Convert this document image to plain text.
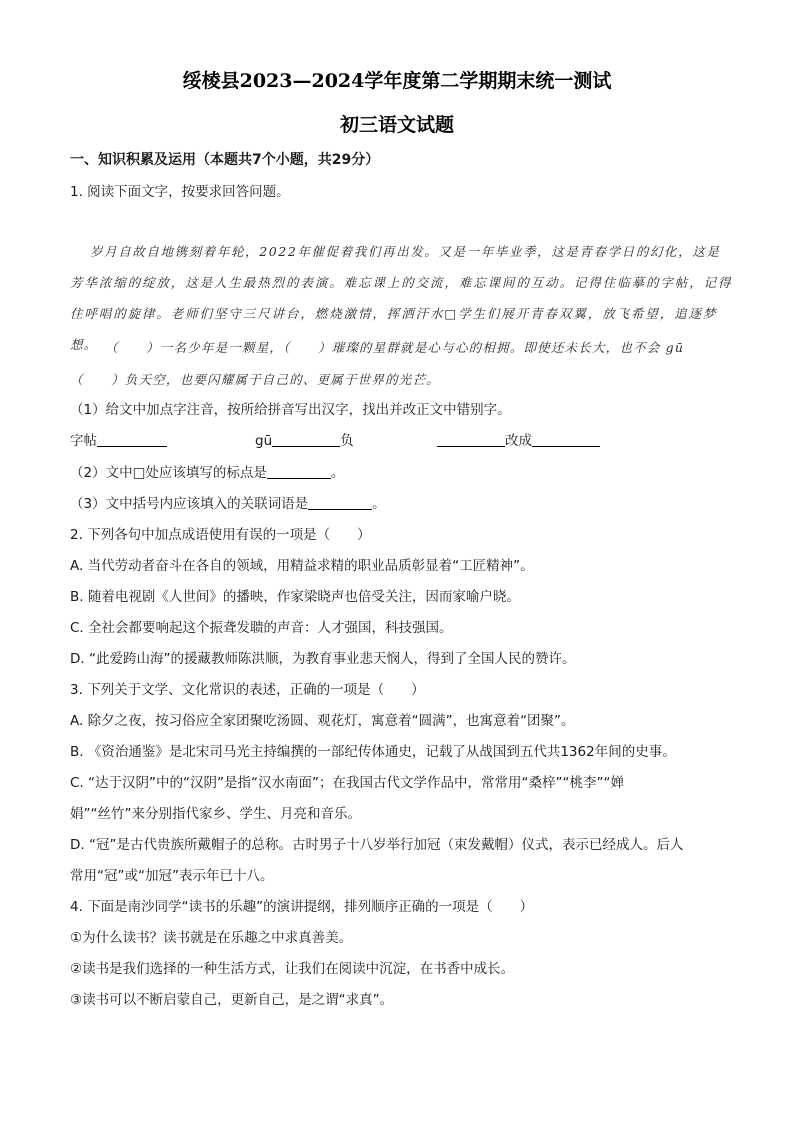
绥棱县2023—2024学年度第二学期期末统一测试
初三语文试题
一、知识积累及运用（本题共7个小题，共29分）
1. 阅读下面文字，按要求回答问题。
岁月自故自地镌刻着年轮，2022年催促着我们再出发。又是一年毕业季，这是青春学日的幻化，这是
芳华浓缩的绽放，这是人生最热烈的表演。难忘课上的交流，难忘课间的互动。记得住临摹的字帖，记得
住呼唱的旋律。老师们坚守三尺讲台，燃烧激情，挥洒汗水□学生们展开青春双翼，放飞希望，追逐梦
想。 （　　）一名少年是一颗星，（　　）璀璨的星群就是心与心的相拥。即使还未长大，也不会 gū
（　　）负天空，也要闪耀属于自己的、更属于世界的光芒。
（1）给文中加点字注音，按所给拼音写出汉字，找出并改正文中错别字。
字帖	gū	负	改成
（2）文中□处应该填写的标点是	。
（3）文中括号内应该填入的关联词语是	。
2. 下列各句中加点成语使用有误的一项是（　　）
A. 当代劳动者奋斗在各自的领域，用精益求精的职业品质彰显着“工匠精神”。
B. 随着电视剧《人世间》的播映，作家梁晓声也倍受关注，因而家喻户晓。
C. 全社会都要响起这个振聋发聩的声音：人才强国，科技强国。
D. “此爱跨山海”的援藏教师陈洪顺，为教育事业悲天悯人，得到了全国人民的赞许。
3. 下列关于文学、文化常识的表述，正确的一项是（　　）
A. 除夕之夜，按习俗应全家团聚吃汤圆、观花灯，寓意着“圆满”，也寓意着“团聚”。
B. 《资治通鉴》是北宋司马光主持编撰的一部纪传体通史，记载了从战国到五代共1362年间的史事。
C. “达于汉阴”中的“汉阴”是指“汉水南面”；在我国古代文学作品中，常常用“桑梓”“桃李”“婵
娟”“丝竹”来分别指代家乡、学生、月亮和音乐。
D. “冠”是古代贵族所戴帽子的总称。古时男子十八岁举行加冠（束发戴帽）仪式，表示已经成人。后人
常用“冠”或“加冠”表示年已十八。
4. 下面是南沙同学“读书的乐趣”的演讲提纲，排列顺序正确的一项是（　　）
①为什么读书？读书就是在乐趣之中求真善美。
②读书是我们选择的一种生活方式，让我们在阅读中沉淀，在书香中成长。
③读书可以不断启蒙自己，更新自己，是之谓“求真”。
